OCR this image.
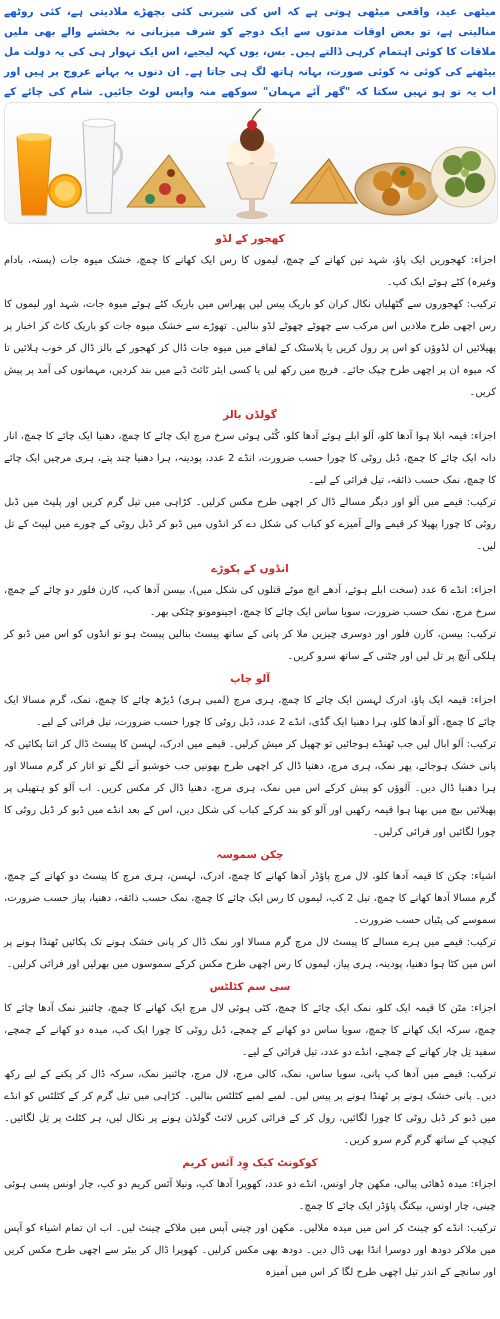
میٹھی عید، واقعی میٹھی ہوتی ہے کہ اس کی شیرنی کئی بچھڑے ملادیتی ہے، کئی روٹھے منالیتی ہے، تو بعض اوقات مدتوں سے ایک دوجے کو شرف میزبانی نہ بخشنے والے بھی ملیں ملاقات کا کوئی اہتمام کرہی ڈالتے ہیں۔ بس، یوں کہہ لیجیے، اس ایک تہوار ہی کی یہ دولت مل بیٹھنے کی کوئی نہ کوئی صورت، بہانہ ہاتھ لگ ہی جاتا ہے۔ ان دنوں یہ بہانے عروج پر ہیں اور اب یہ تو ہو نہیں سکتا کہ "گھر آئے مہمان" سوکھے منہ واپس لوٹ جائیں۔ شام کی چائے کے

کھجور کے لڈو

اجزاء: کھجوریں ایک پاؤ، شہد تین کھانے کے چمچ، لیموں کا رس ایک کھانے کا چمچ، خشک میوہ جات (پستہ، بادام وغیرہ) کٹے ہوئے ایک کپ۔

ترکیب: کھجوروں سے گٹھلیاں نکال کران کو باریک پیس لیں پھراس میں باریک کٹے ہوئے میوہ جات، شہد اور لیموں کا رس اچھی طرح ملادیں اس مرکب سے چھوٹے چھوٹے لڈو بنالیں۔ تھوڑے سے خشک میوہ جات کو باریک کاٹ کر اخبار پر پھیلائیں ان لڈوؤں کو اس پر رول کریں یا پلاسٹک کے لفافے میں میوہ جات ڈال کر کھجور کے بالز ڈال کر خوب ہلائیں تا کہ میوہ ان پر اچھی طرح چپک جائے۔ فریج میں رکھ لیں یا کسی ایئر ٹائٹ ڈبے میں بند کردیں، مہمانوں کی آمد پر پیش کریں۔

گولڈن بالز

اجزاء: قیمہ ابلا ہوا آدھا کلو، آلو ابلے ہوئے آدھا کلو، کُٹی ہوئی سرخ مرچ ایک چائے کا چمچ، دھنیا ایک چائے کا چمچ، انار دانہ ایک چائے کا چمچ، ڈبل روٹی کا چورا حسب ضرورت، انڈے 2 عدد، پودینہ، ہرا دھنیا چند پتے، ہری مرچیں ایک چائے کا چمچ، نمک حسب ذائقہ، تیل فرائی کے لیے۔

ترکیب: قیمے میں آلو اور دیگر مسالے ڈال کر اچھی طرح مکس کرلیں۔ کڑاہی میں تیل گرم کریں اور پلیٹ میں ڈبل روٹی کا چورا پھیلا کر قیمے والے آمیزے کو کباب کی شکل دے کر انڈوں میں ڈبو کر ڈبل روٹی کے چورے میں لپیٹ کے تل لیں۔

انڈوں کے پکوڑے

اجزاء: انڈے 6 عدد (سخت ابلے ہوئے، آدھے انچ موٹے قتلوں کی شکل میں)، بیسن آدھا کپ، کارن فلور دو چائے کے چمچ، سرخ مرچ، نمک حسب ضرورت، سویا ساس ایک چائے کا چمچ، اجینوموتو چٹکی بھر۔

ترکیب: بیسن، کارن فلور اور دوسری چیزیں ملا کر پانی کے ساتھ پیسٹ بنالیں پیسٹ ہو تو انڈوں کو اس میں ڈبو کر ہلکی آنچ پر تل لیں اور چٹنی کے ساتھ سرو کریں۔

آلو چاپ

اجزاء: قیمہ ایک پاؤ، ادرک لہسن ایک چائے کا چمچ، ہری مرچ (لمبی ہری) ڈیڑھ چائے کا چمچ، نمک، گرم مسالا ایک چائے کا چمچ، آلو آدھا کلو، ہرا دھنیا ایک گڈی، انڈے 2 عدد، ڈبل روٹی کا چورا حسب ضرورت، تیل فرائی کے لیے۔

ترکیب: آلو ابال لیں جب ٹھنڈے ہوجائیں تو چھیل کر میش کرلیں۔ قیمے میں ادرک، لہسن کا پیسٹ ڈال کر اتنا پکائیں کہ پانی خشک ہوجائے، پھر نمک، ہری مرچ، دھنیا ڈال کر اچھی طرح بھونیں جب خوشبو آنے لگے تو اتار کر گرم مسالا اور ہرا دھنیا ڈال دیں۔ آلوؤں کو پیش کرکے اس میں نمک، ہری مرچ، دھنیا ڈال کر مکس کریں۔ اب آلو کو ہتھیلی پر پھیلائیں بیچ میں بھنا ہوا قیمہ رکھیں اور آلو کو بند کرکے کباب کی شکل دیں، اس کے بعد انڈے میں ڈبو کر ڈبل روٹی کا چورا لگائیں اور فرائی کرلیں۔

چکن سموسہ

اشیاء: چکن کا قیمہ آدھا کلو، لال مرچ پاؤڈر آدھا کھانے کا چمچ، ادرک، لہسن، ہری مرچ کا پیسٹ دو کھانے کے چمچ، گرم مسالا آدھا کھانے کا چمچ، تیل 2 کپ، لیموں کا رس ایک چائے کا چمچ، نمک حسب ذائقہ، دھنیا، پیاز حسب ضرورت، سموسے کی پٹیاں حسب ضرورت۔

ترکیب: قیمے میں ہرے مسالے کا پیسٹ لال مرچ گرم مسالا اور نمک ڈال کر پانی خشک ہونے تک پکائیں ٹھنڈا ہونے پر اس میں کٹا ہوا دھنیا، پودینہ، ہری پیاز، لیموں کا رس اچھی طرح مکس کرکے سموسوں میں بھرلیں اور فرائی کرلیں۔

سی سم کٹلٹس

اجزاء: مٹن کا قیمہ ایک کلو، نمک ایک چائے کا چمچ، کٹی ہوئی لال مرچ ایک کھانے کا چمچ، چائنیز نمک آدھا چائے کا چمچ، سرکہ ایک کھانے کا چمچ، سویا ساس دو کھانے کے چمچے، ڈبل روٹی کا چورا ایک کپ، میدہ دو کھانے کے چمچے، سفید تِل چار کھانے کے چمچے، انڈے دو عدد، تیل فرائی کے لیے۔

ترکیب: قیمے میں آدھا کپ پانی، سویا ساس، نمک، کالی مرچ، لال مرچ، چائنیز نمک، سرکہ ڈال کر پکنے کے لیے رکھ دیں۔ پانی خشک ہونے پر ٹھنڈا ہونے پر پیس لیں۔ لمبے لمبے کٹلٹس بنالیں۔ کڑاہی میں تیل گرم کر کے کٹلٹس کو انڈے میں ڈبو کر ڈبل روٹی کا چورا لگائیں، رول کر کے فرائی کریں لائٹ گولڈن ہونے پر نکال لیں، ہر کٹلٹ پر تِل لگائیں۔ کیچپ کے ساتھ گرم گرم سرو کریں۔

کوکونٹ کیک وِد آئس کریم

اجزاء: میدہ ڈھائی پیالی، مکھن چار اونس، انڈے دو عدد، کھوپرا آدھا کپ، ونیلا آئس کریم دو کپ، چار اونس پسی ہوئی چینی، چار اونس، بیکنگ پاؤڈر ایک چائے کا چمچ۔

ترکیب: انڈے کو چینٹ کر اس میں میدہ ملالیں۔ مکھن اور چینی آپس میں ملاکے چینٹ لیں۔ اب ان تمام اشیاء کو آپس میں ملاکر دودھ اور دوسرا انڈا بھی ڈال دیں۔ دودھ بھی مکس کرلیں۔ کھوپرا ڈال کر بیٹر سے اچھی طرح مکس کریں اور سانچے کے اندر تیل اچھی طرح لگا کر اس میں آمیزہ
